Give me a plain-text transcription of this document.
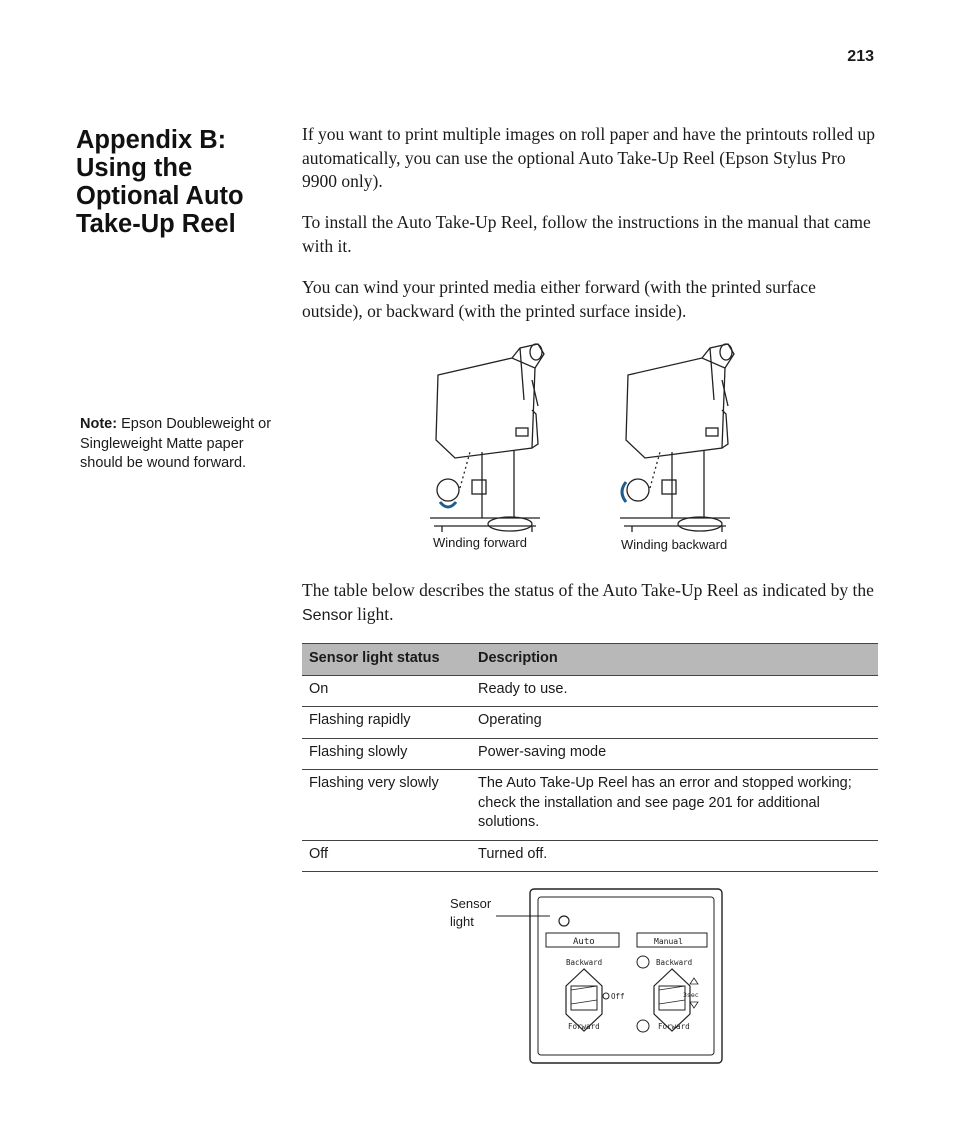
213
Appendix B: Using the Optional Auto Take-Up Reel
Note: Epson Doubleweight or Singleweight Matte paper should be wound forward.

If you want to print multiple images on roll paper and have the printouts rolled up automatically, you can use the optional Auto Take-Up Reel (Epson Stylus Pro 9900 only).

To install the Auto Take-Up Reel, follow the instructions in the manual that came with it.

You can wind your printed media either forward (with the printed surface outside), or backward (with the printed surface inside).

Winding forward	Winding backward

The table below describes the status of the Auto Take-Up Reel as indicated by the Sensor light.

Sensor light status	Description
On	Ready to use.
Flashing rapidly	Operating
Flashing slowly	Power-saving mode
Flashing very slowly	The Auto Take-Up Reel has an error and stopped working; check the installation and see page 201 for additional solutions.
Off	Turned off.
Sensor
light
Auto	Manual
Backward
Forward
Off
Backward
3sec
Forward
